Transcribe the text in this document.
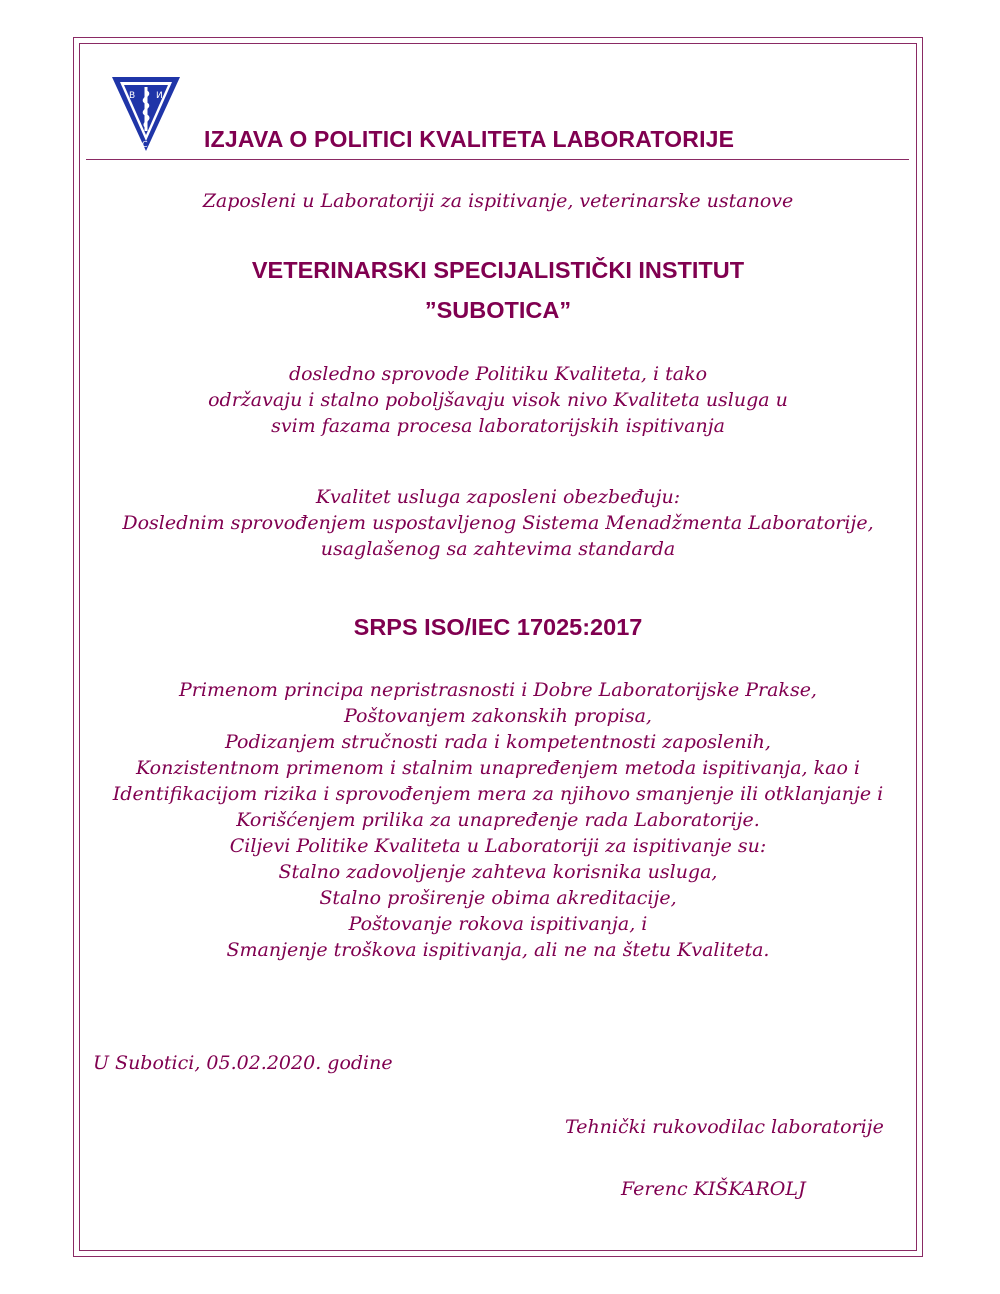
В И
С IZJAVA O POLITICI KVALITETA LABORATORIJE
Zaposleni u Laboratoriji za ispitivanje, veterinarske ustanove
VETERINARSKI SPECIJALISTIČKI INSTITUT
”SUBOTICA”
dosledno sprovode Politiku Kvaliteta, i tako
održavaju i stalno poboljšavaju visok nivo Kvaliteta usluga u
svim fazama procesa laboratorijskih ispitivanja
Kvalitet usluga zaposleni obezbeđuju:
Doslednim sprovođenjem uspostavljenog Sistema Menadžmenta Laboratorije,
usaglašenog sa zahtevima standarda
SRPS ISO/IEC 17025:2017
Primenom principa nepristrasnosti i Dobre Laboratorijske Prakse,
Poštovanjem zakonskih propisa,
Podizanjem stručnosti rada i kompetentnosti zaposlenih,
Konzistentnom primenom i stalnim unapređenjem metoda ispitivanja, kao i
Identifikacijom rizika i sprovođenjem mera za njihovo smanjenje ili otklanjanje i
Korišćenjem prilika za unapređenje rada Laboratorije.
Ciljevi Politike Kvaliteta u Laboratoriji za ispitivanje su:
Stalno zadovoljenje zahteva korisnika usluga,
Stalno proširenje obima akreditacije,
Poštovanje rokova ispitivanja, i
Smanjenje troškova ispitivanja, ali ne na štetu Kvaliteta.
U Subotici, 05.02.2020. godine
Tehnički rukovodilac laboratorije
Ferenc KIŠKAROLJ
